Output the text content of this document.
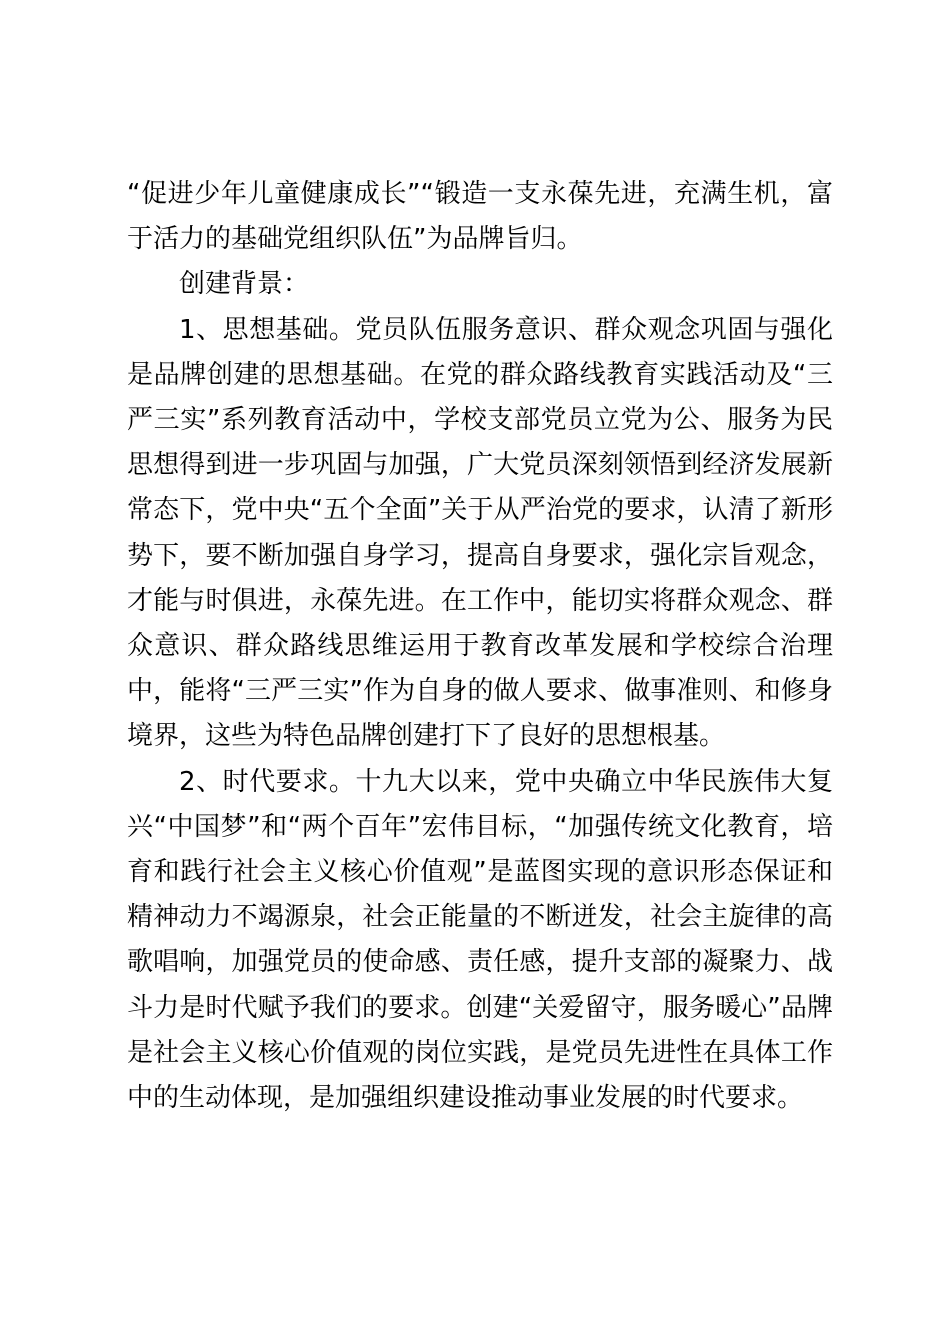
“促进少年儿童健康成长”“锻造一支永葆先进，充满生机，富于活力的基础党组织队伍”为品牌旨归。

创建背景：

1、思想基础。党员队伍服务意识、群众观念巩固与强化是品牌创建的思想基础。在党的群众路线教育实践活动及“三严三实”系列教育活动中，学校支部党员立党为公、服务为民思想得到进一步巩固与加强，广大党员深刻领悟到经济发展新常态下，党中央“五个全面”关于从严治党的要求，认清了新形势下，要不断加强自身学习，提高自身要求，强化宗旨观念，才能与时俱进，永葆先进。在工作中，能切实将群众观念、群众意识、群众路线思维运用于教育改革发展和学校综合治理中，能将“三严三实”作为自身的做人要求、做事准则、和修身境界，这些为特色品牌创建打下了良好的思想根基。

2、时代要求。十九大以来，党中央确立中华民族伟大复兴“中国梦”和“两个百年”宏伟目标，“加强传统文化教育，培育和践行社会主义核心价值观”是蓝图实现的意识形态保证和精神动力不竭源泉，社会正能量的不断迸发，社会主旋律的高歌唱响，加强党员的使命感、责任感，提升支部的凝聚力、战斗力是时代赋予我们的要求。创建“关爱留守，服务暖心”品牌是社会主义核心价值观的岗位实践，是党员先进性在具体工作中的生动体现，是加强组织建设推动事业发展的时代要求。
